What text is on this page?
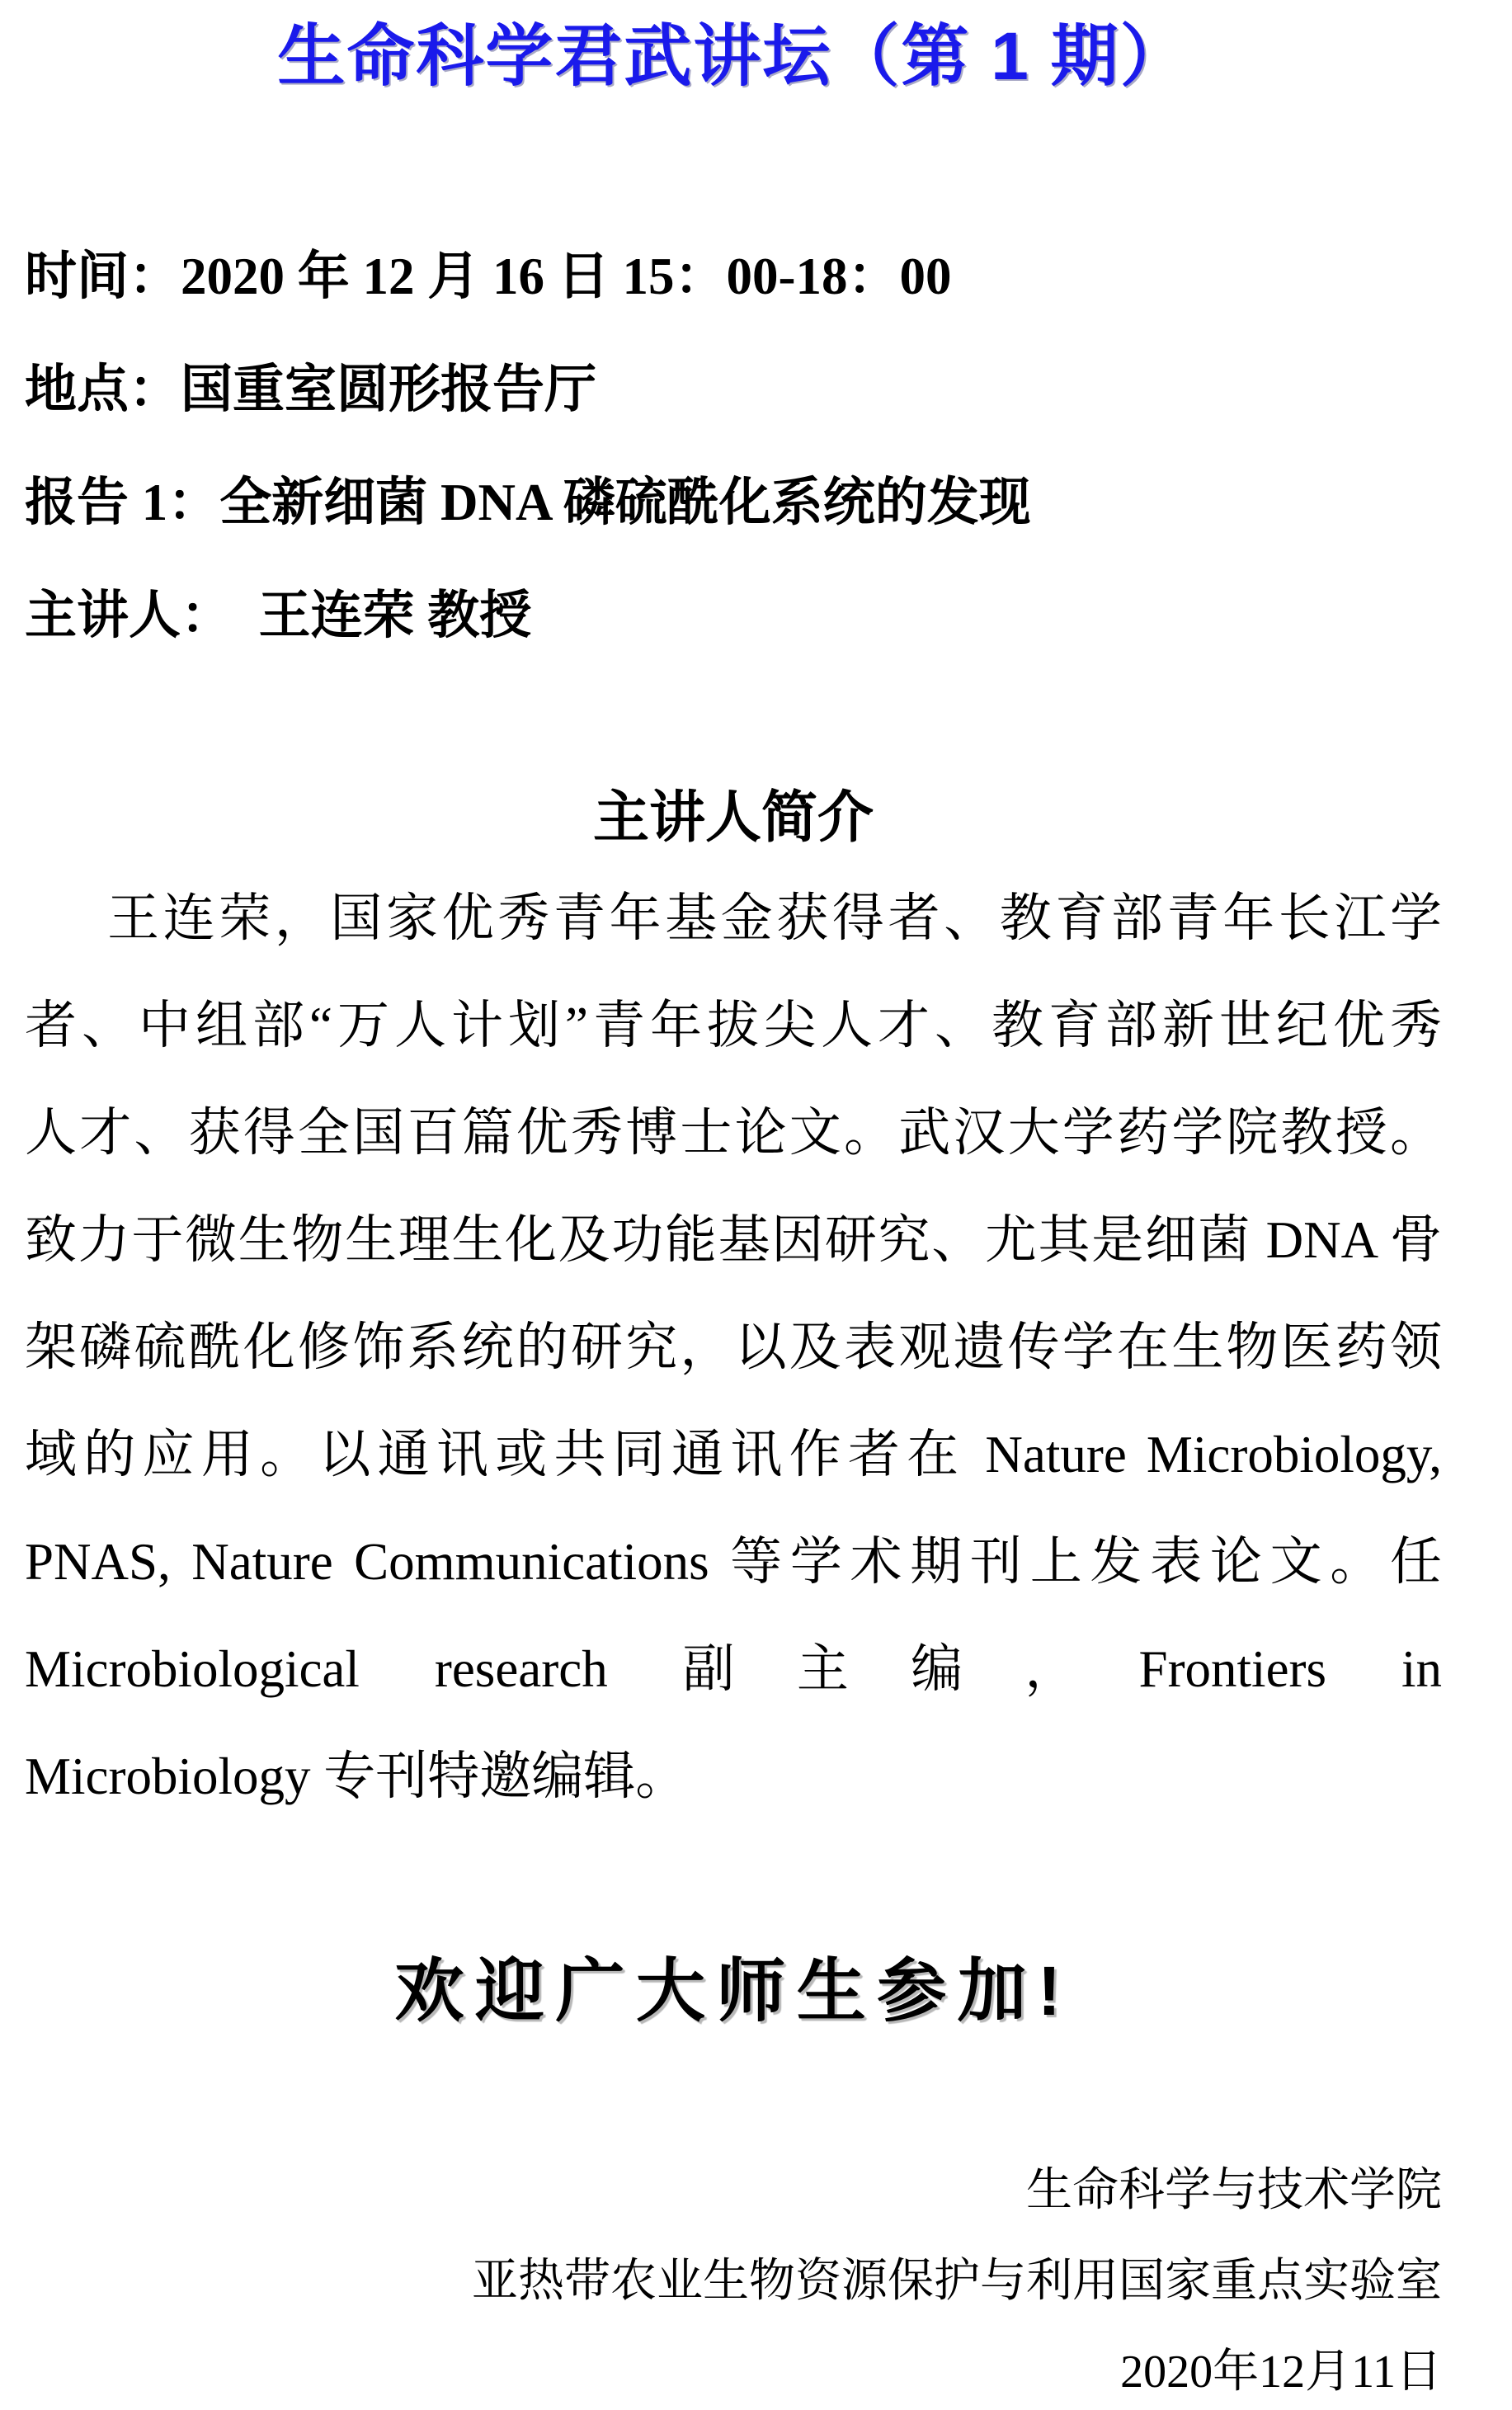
生命科学君武讲坛（第 1 期）
时间：2020 年 12 月 16 日 15：00-18：00
地点：国重室圆形报告厅
报告 1：全新细菌 DNA 磷硫酰化系统的发现
主讲人：　王连荣 教授
主讲人简介
王连荣，国家优秀青年基金获得者、教育部青年长江学
者、中组部“万人计划”青年拔尖人才、教育部新世纪优秀
人才、获得全国百篇优秀博士论文。武汉大学药学院教授。
致力于微生物生理生化及功能基因研究、尤其是细菌 DNA 骨
架磷硫酰化修饰系统的研究，以及表观遗传学在生物医药领
域的应用。以通讯或共同通讯作者在 Nature Microbiology,
PNAS, Nature Communications 等学术期刊上发表论文。任
Microbiological research 副主编，Frontiers in
Microbiology 专刊特邀编辑。
欢迎广大师生参加!
生命科学与技术学院
亚热带农业生物资源保护与利用国家重点实验室
2020年12月11日
